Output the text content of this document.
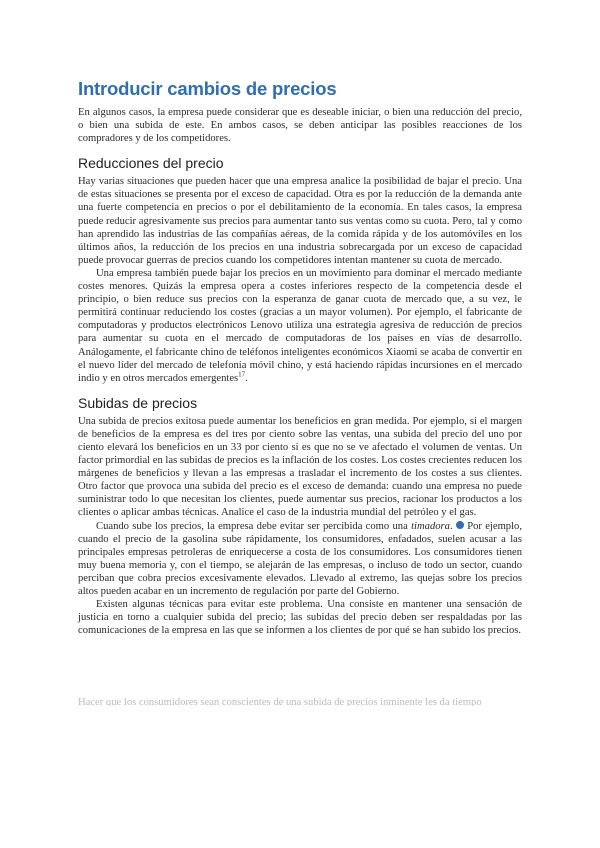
Introducir cambios de precios

En algunos casos, la empresa puede considerar que es deseable iniciar, o bien una reducción del precio, o bien una subida de este. En ambos casos, se deben anticipar las posibles reacciones de los compradores y de los competidores.

Reducciones del precio

Hay varias situaciones que pueden hacer que una empresa analice la posibilidad de bajar el precio. Una de estas situaciones se presenta por el exceso de capacidad. Otra es por la reducción de la demanda ante una fuerte competencia en precios o por el debilitamiento de la economía. En tales casos, la empresa puede reducir agresivamente sus precios para aumentar tanto sus ventas como su cuota. Pero, tal y como han aprendido las industrias de las compañías aéreas, de la comida rápida y de los automóviles en los últimos años, la reducción de los precios en una industria sobrecargada por un exceso de capacidad puede provocar guerras de precios cuando los competidores intentan mantener su cuota de mercado.

Una empresa también puede bajar los precios en un movimiento para dominar el mercado mediante costes menores. Quizás la empresa opera a costes inferiores respecto de la competencia desde el principio, o bien reduce sus precios con la esperanza de ganar cuota de mercado que, a su vez, le permitirá continuar reduciendo los costes (gracias a un mayor volumen). Por ejemplo, el fabricante de computadoras y productos electrónicos Lenovo utiliza una estrategia agresiva de reducción de precios para aumentar su cuota en el mercado de computadoras de los países en vías de desarrollo. Análogamente, el fabricante chino de teléfonos inteligentes económicos Xiaomi se acaba de convertir en el nuevo líder del mercado de telefonía móvil chino, y está haciendo rápidas incursiones en el mercado indio y en otros mercados emergentes$^{17}$.

Subidas de precios

Una subida de precios exitosa puede aumentar los beneficios en gran medida. Por ejemplo, si el margen de beneficios de la empresa es del tres por ciento sobre las ventas, una subida del precio del uno por ciento elevará los beneficios en un 33 por ciento si es que no se ve afectado el volumen de ventas. Un factor primordial en las subidas de precios es la inflación de los costes. Los costes crecientes reducen los márgenes de beneficios y llevan a las empresas a trasladar el incremento de los costes a sus clientes. Otro factor que provoca una subida del precio es el exceso de demanda: cuando una empresa no puede suministrar todo lo que necesitan los clientes, puede aumentar sus precios, racionar los productos a los clientes o aplicar ambas técnicas. Analice el caso de la industria mundial del petróleo y el gas.

Cuando sube los precios, la empresa debe evitar ser percibida como una timadora.  Por ejemplo, cuando el precio de la gasolina sube rápidamente, los consumidores, enfadados, suelen acusar a las principales empresas petroleras de enriquecerse a costa de los consumidores. Los consumidores tienen muy buena memoria y, con el tiempo, se alejarán de las empresas, o incluso de todo un sector, cuando perciban que cobra precios excesivamente elevados. Llevado al extremo, las quejas sobre los precios altos pueden acabar en un incremento de regulación por parte del Gobierno.

Existen algunas técnicas para evitar este problema. Una consiste en mantener una sensación de justicia en torno a cualquier subida del precio; las subidas del precio deben ser respaldadas por las comunicaciones de la empresa en las que se informen a los clientes de por qué se han subido los precios.

Hacer que los consumidores sean conscientes de una subida de precios inminente les da tiempo
